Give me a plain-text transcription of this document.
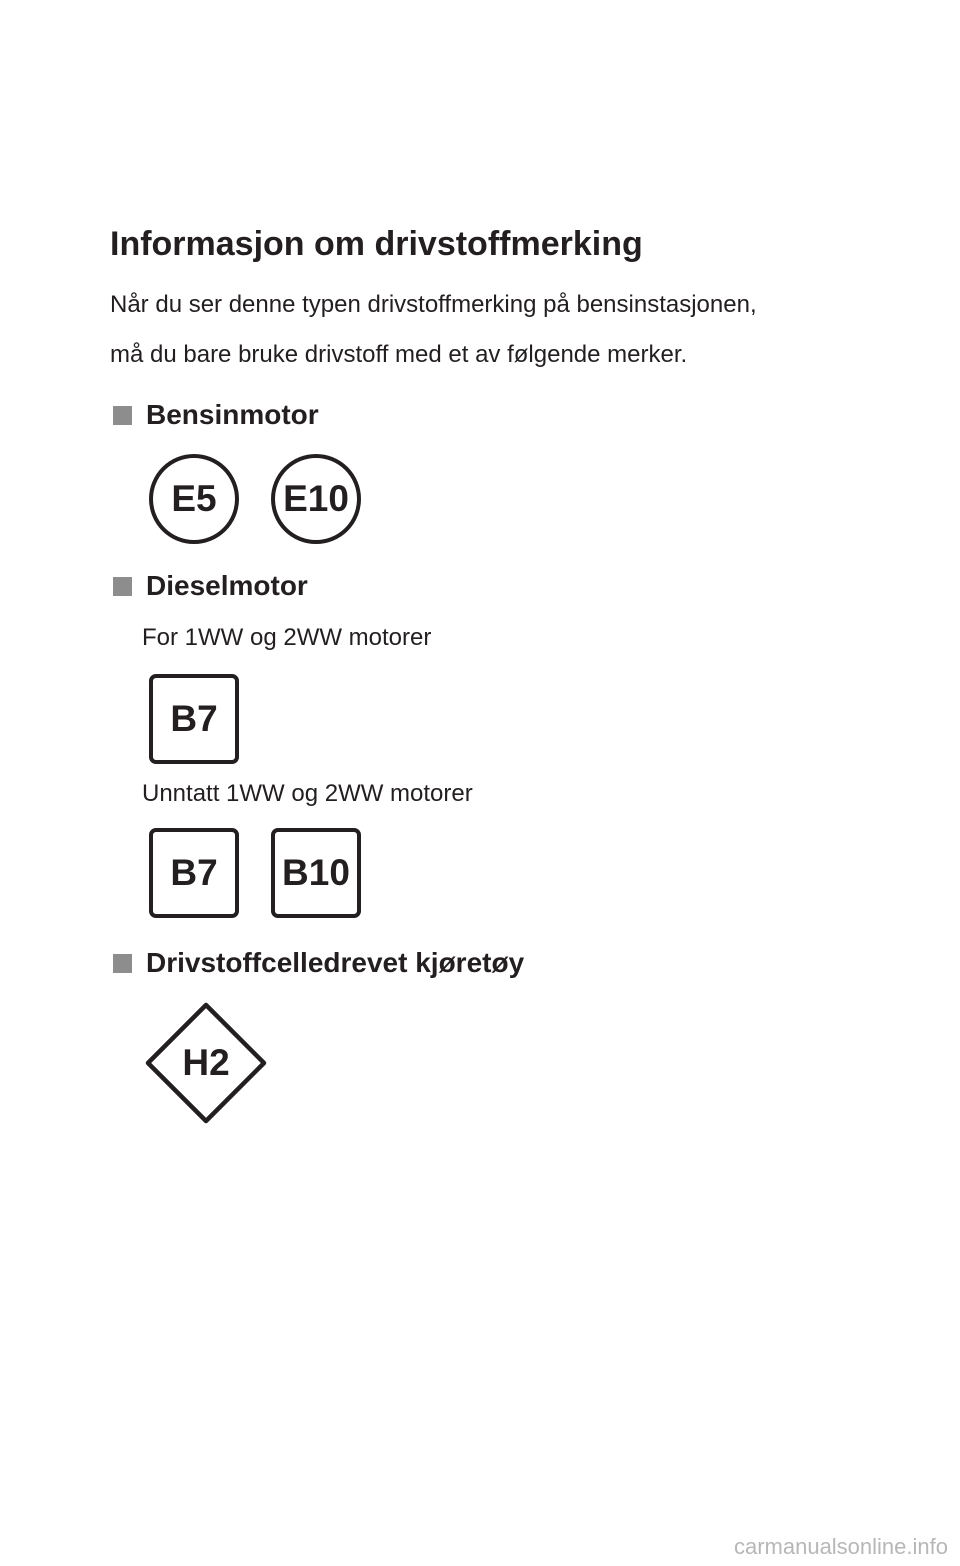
Informasjon om drivstoffmerking
Når du ser denne typen drivstoffmerking på bensinstasjonen,
må du bare bruke drivstoff med et av følgende merker.
Bensinmotor
E5	E10
Dieselmotor
For 1WW og 2WW motorer
B7
Unntatt 1WW og 2WW motorer
B7	B10
Drivstoffcelledrevet kjøretøy
H2
carmanualsonline.info
